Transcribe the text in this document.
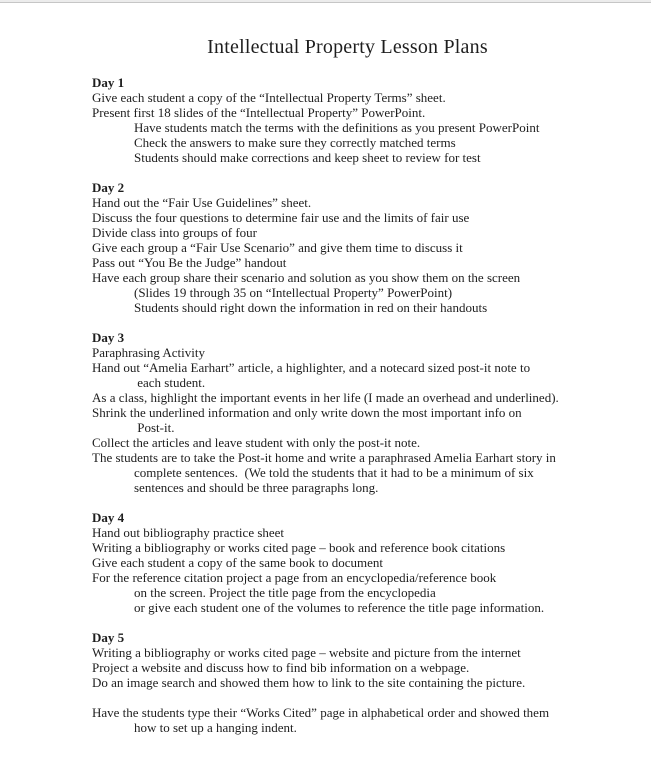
Intellectual Property Lesson Plans
Day 1
Give each student a copy of the “Intellectual Property Terms” sheet.
Present first 18 slides of the “Intellectual Property” PowerPoint.
Have students match the terms with the definitions as you present PowerPoint
Check the answers to make sure they correctly matched terms
Students should make corrections and keep sheet to review for test
Day 2
Hand out the “Fair Use Guidelines” sheet.
Discuss the four questions to determine fair use and the limits of fair use
Divide class into groups of four
Give each group a “Fair Use Scenario” and give them time to discuss it
Pass out “You Be the Judge” handout
Have each group share their scenario and solution as you show them on the screen
(Slides 19 through 35 on “Intellectual Property” PowerPoint)
Students should right down the information in red on their handouts
Day 3
Paraphrasing Activity
Hand out “Amelia Earhart” article, a highlighter, and a notecard sized post-it note to
each student.
As a class, highlight the important events in her life (I made an overhead and underlined).
Shrink the underlined information and only write down the most important info on
Post-it.
Collect the articles and leave student with only the post-it note.
The students are to take the Post-it home and write a paraphrased Amelia Earhart story in
complete sentences.  (We told the students that it had to be a minimum of six
sentences and should be three paragraphs long.
Day 4
Hand out bibliography practice sheet
Writing a bibliography or works cited page – book and reference book citations
Give each student a copy of the same book to document
For the reference citation project a page from an encyclopedia/reference book
on the screen. Project the title page from the encyclopedia
or give each student one of the volumes to reference the title page information.
Day 5
Writing a bibliography or works cited page – website and picture from the internet
Project a website and discuss how to find bib information on a webpage.
Do an image search and showed them how to link to the site containing the picture.
Have the students type their “Works Cited” page in alphabetical order and showed them
how to set up a hanging indent.
